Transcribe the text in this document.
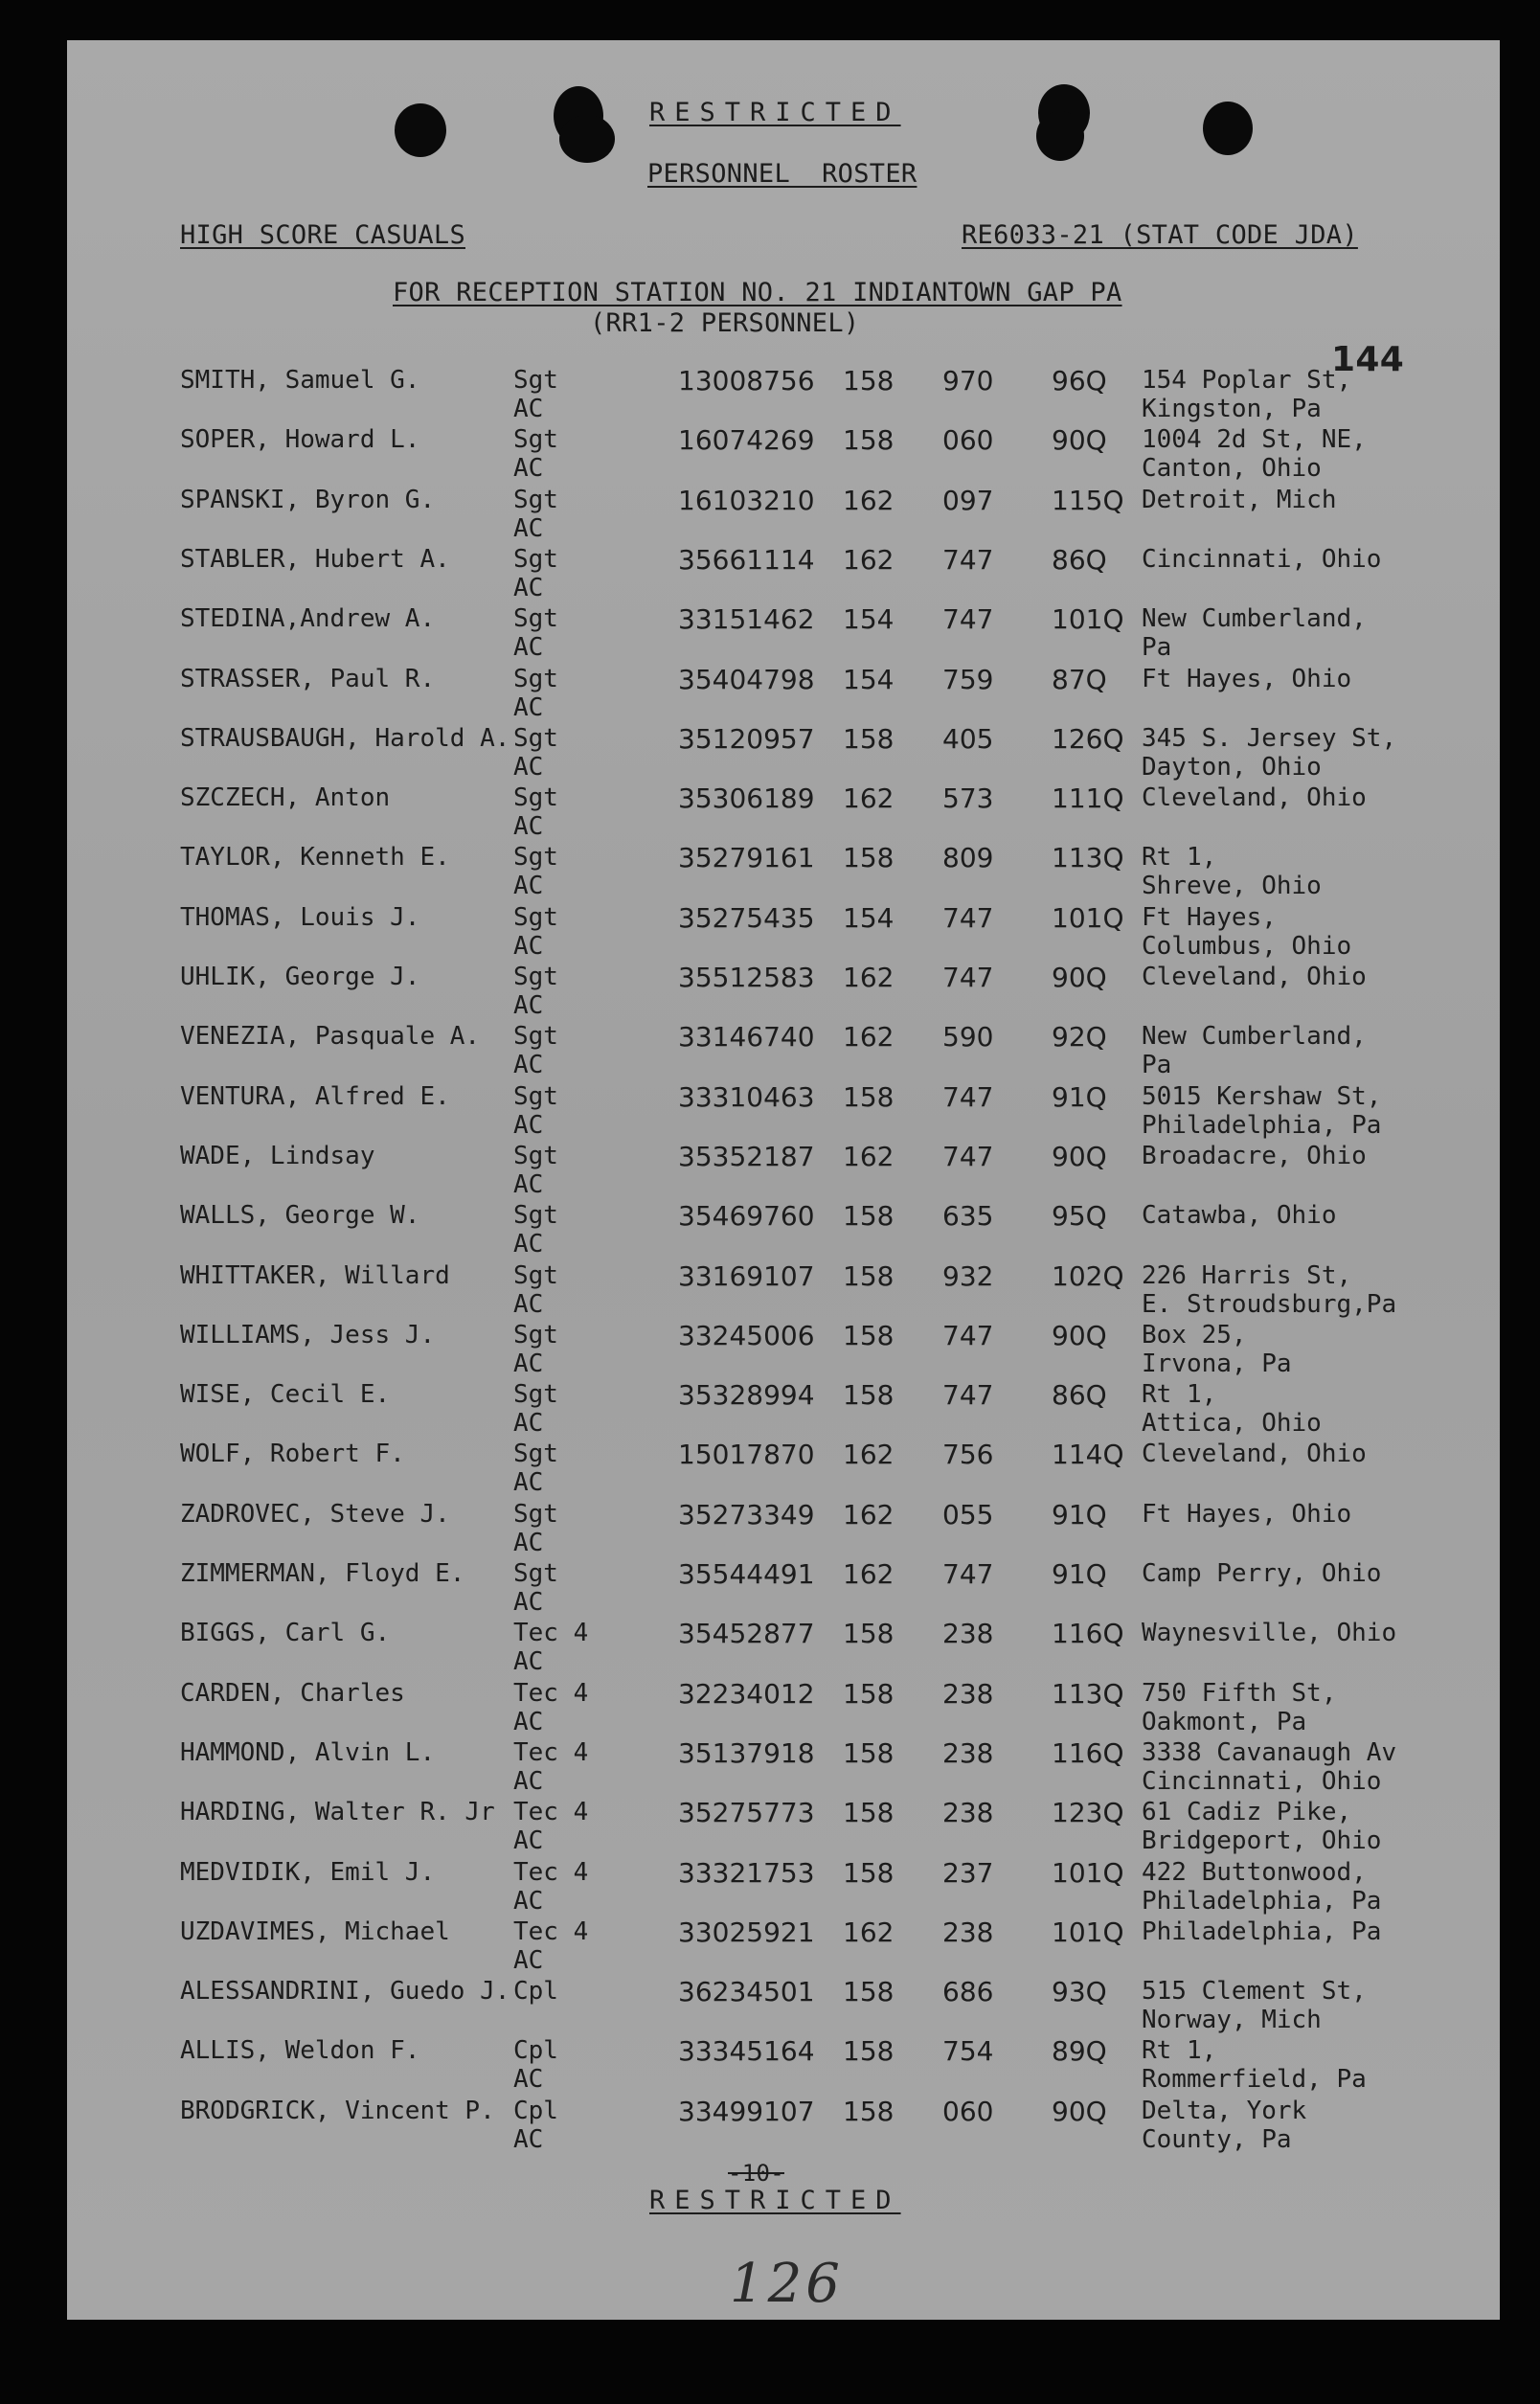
RESTRICTED
PERSONNEL  ROSTER
HIGH SCORE CASUALS	RE6033-21 (STAT CODE JDA)
FOR RECEPTION STATION NO. 21 INDIANTOWN GAP PA
(RR1-2 PERSONNEL)
144
SMITH, Samuel G.	Sgt	13008756 158 970 96Q 154 Poplar St,
AC	Kingston, Pa
SOPER, Howard L.	Sgt	16074269 158 060 90Q 1004 2d St, NE,
AC	Canton, Ohio
SPANSKI, Byron G.	Sgt	16103210 162 097 115Q Detroit, Mich
AC
STABLER, Hubert A.	Sgt	35661114 162 747 86Q Cincinnati, Ohio
AC
STEDINA,Andrew A.	Sgt	33151462 154 747 101Q New Cumberland,
AC	Pa
STRASSER, Paul R.	Sgt	35404798 154 759 87Q Ft Hayes, Ohio
AC
STRAUSBAUGH, Harold A. Sgt	35120957 158 405 126Q 345 S. Jersey St,
AC	Dayton, Ohio
SZCZECH, Anton	Sgt	35306189 162 573 111Q Cleveland, Ohio
AC
TAYLOR, Kenneth E.	Sgt	35279161 158 809 113Q Rt 1,
AC	Shreve, Ohio
THOMAS, Louis J.	Sgt	35275435 154 747 101Q Ft Hayes,
AC	Columbus, Ohio
UHLIK, George J.	Sgt	35512583 162 747 90Q Cleveland, Ohio
AC
VENEZIA, Pasquale A. Sgt	33146740 162 590 92Q New Cumberland,
AC	Pa
VENTURA, Alfred E.	Sgt	33310463 158 747 91Q 5015 Kershaw St,
AC	Philadelphia, Pa
WADE, Lindsay	Sgt	35352187 162 747 90Q Broadacre, Ohio
AC
WALLS, George W.	Sgt	35469760 158 635 95Q Catawba, Ohio
AC
WHITTAKER, Willard	Sgt	33169107 158 932 102Q 226 Harris St,
AC	E. Stroudsburg,Pa
WILLIAMS, Jess J.	Sgt	33245006 158 747 90Q Box 25,
AC	Irvona, Pa
WISE, Cecil E.	Sgt	35328994 158 747 86Q Rt 1,
AC	Attica, Ohio
WOLF, Robert F.	Sgt	15017870 162 756 114Q Cleveland, Ohio
AC
ZADROVEC, Steve J.	Sgt	35273349 162 055 91Q Ft Hayes, Ohio
AC
ZIMMERMAN, Floyd E. Sgt	35544491 162 747 91Q Camp Perry, Ohio
AC
BIGGS, Carl G.	Tec 4	35452877 158 238 116Q Waynesville, Ohio
AC
CARDEN, Charles	Tec 4	32234012 158 238 113Q 750 Fifth St,
AC	Oakmont, Pa
HAMMOND, Alvin L.	Tec 4	35137918 158 238 116Q 3338 Cavanaugh Av
AC	Cincinnati, Ohio
HARDING, Walter R. Jr Tec 4	35275773 158 238 123Q 61 Cadiz Pike,
AC	Bridgeport, Ohio
MEDVIDIK, Emil J.	Tec 4	33321753 158 237 101Q 422 Buttonwood,
AC	Philadelphia, Pa
UZDAVIMES, Michael	Tec 4	33025921 162 238 101Q Philadelphia, Pa
AC
ALESSANDRINI, Guedo J. Cpl	36234501 158 686 93Q 515 Clement St,
Norway, Mich
ALLIS, Weldon F.	Cpl	33345164 158 754 89Q Rt 1,
AC	Rommerfield, Pa
BRODGRICK, Vincent P. Cpl	33499107 158 060 90Q Delta, York
AC	County, Pa
-10-
RESTRICTED
126
